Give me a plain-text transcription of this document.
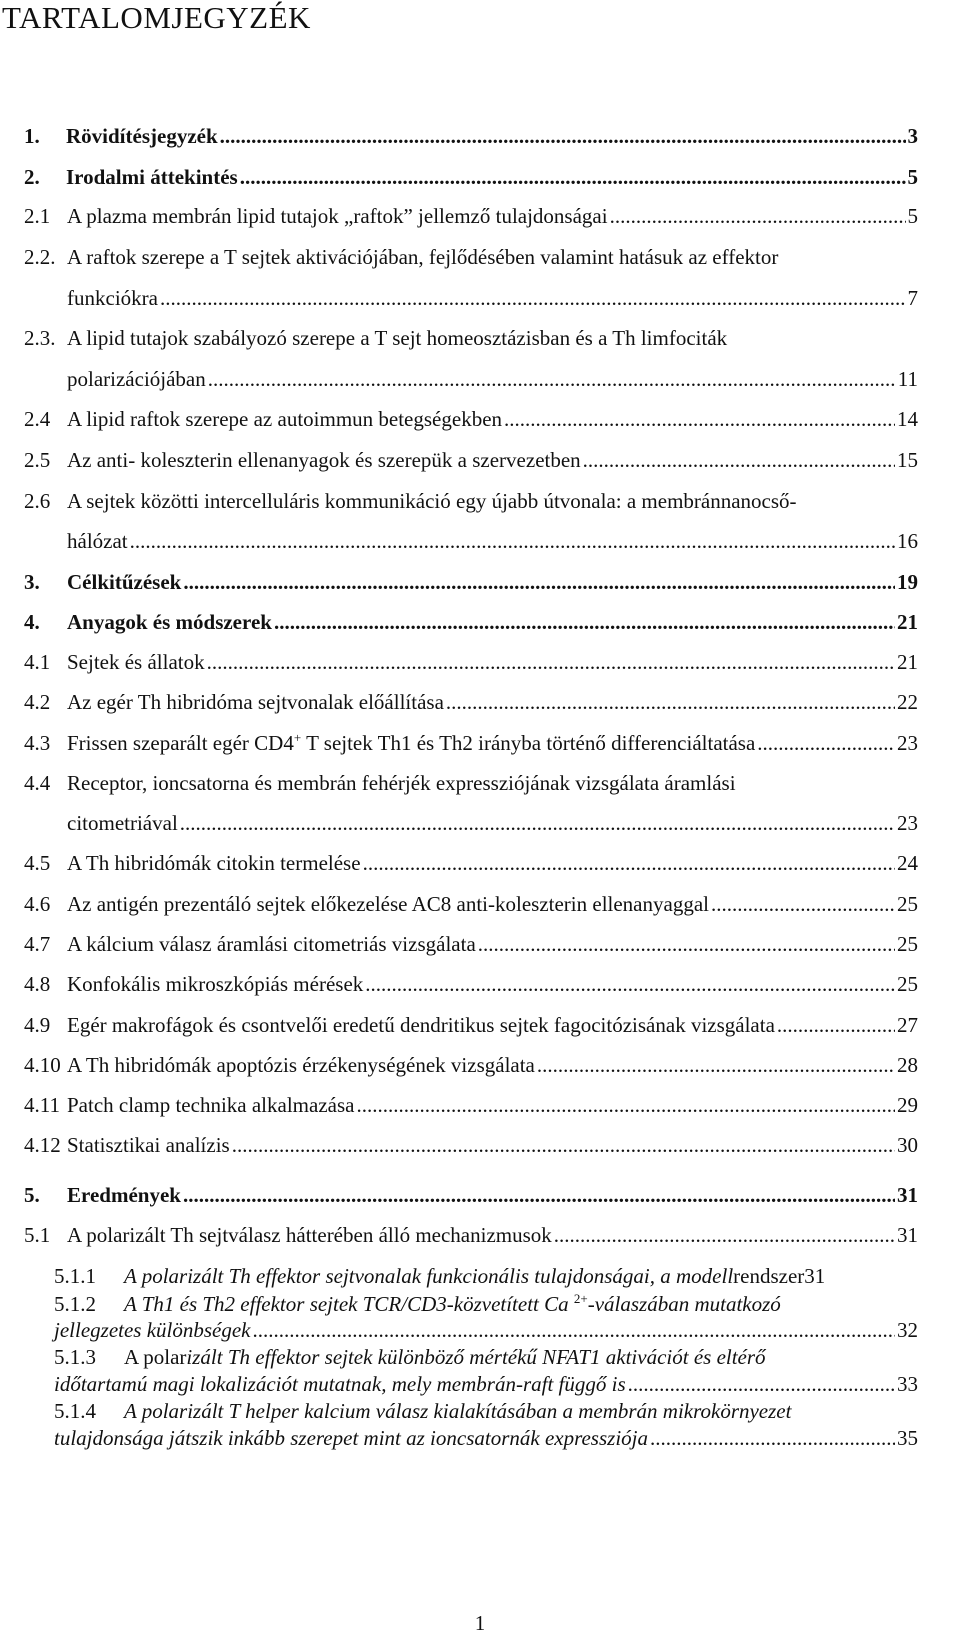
TARTALOMJEGYZÉK
1.	Rövidítésjegyzék .....	3
2.	Irodalmi áttekintés .....	5
2.1 A plazma membrán lipid tutajok „raftok” jellemző tulajdonságai .....	5
2.2. A raftok szerepe a T sejtek aktivációjában, fejlődésében valamint hatásuk az effektor
funkciókra .....	7
2.3. A lipid tutajok szabályozó szerepe a T sejt homeosztázisban és a Th limfociták
polarizációjában .....	11
2.4 A lipid raftok szerepe az autoimmun betegségekben .....	14
2.5 Az anti- koleszterin ellenanyagok és szerepük a szervezetben .....	15
2.6 A sejtek közötti intercelluláris kommunikáció egy újabb útvonala: a membránnanocső-
hálózat .....	16
3.	Célkitűzések .....	19
4.	Anyagok és módszerek .....	21
4.1 Sejtek és állatok .....	21
4.2 Az egér Th hibridóma sejtvonalak előállítása .....	22
4.3 Frissen szeparált egér CD4+ T sejtek Th1 és Th2 irányba történő differenciáltatása .....	23
4.4 Receptor, ioncsatorna és membrán fehérjék expressziójának vizsgálata áramlási
citometriával .....	23
4.5 A Th hibridómák citokin termelése .....	24
4.6 Az antigén prezentáló sejtek előkezelése AC8 anti-koleszterin ellenanyaggal .....	25
4.7 A kálcium válasz áramlási citometriás vizsgálata .....	25
4.8 Konfokális mikroszkópiás mérések .....	25
4.9 Egér makrofágok és csontvelői eredetű dendritikus sejtek fagocitózisának vizsgálata .....	27
4.10 A Th hibridómák apoptózis érzékenységének vizsgálata .....	28
4.11 Patch clamp technika alkalmazása .....	29
4.12 Statisztikai analízis .....	30
5.	Eredmények .....	31
5.1 A polarizált Th sejtválasz hátterében álló mechanizmusok .....	31
5.1.1	A polarizált Th effektor sejtvonalak funkcionális tulajdonságai, a modell rendszer 31
5.1.2	A Th1 és Th2 effektor sejtek TCR/CD3-közvetített Ca $^{2+}$-válaszában mutatkozó
jellegzetes különbségek .....	32
5.1.3	A polar izált Th effektor sejtek különböző mértékű NFAT1 aktivációt és eltérő
időtartamú magi lokalizációt mutatnak, mely membrán-raft függő is .....	33
5.1.4	A polarizált T helper kalcium válasz kialakításában a membrán mikrokörnyezet
tulajdonsága játszik inkább szerepet mint az ioncsatornák expressziója .....	35
1
